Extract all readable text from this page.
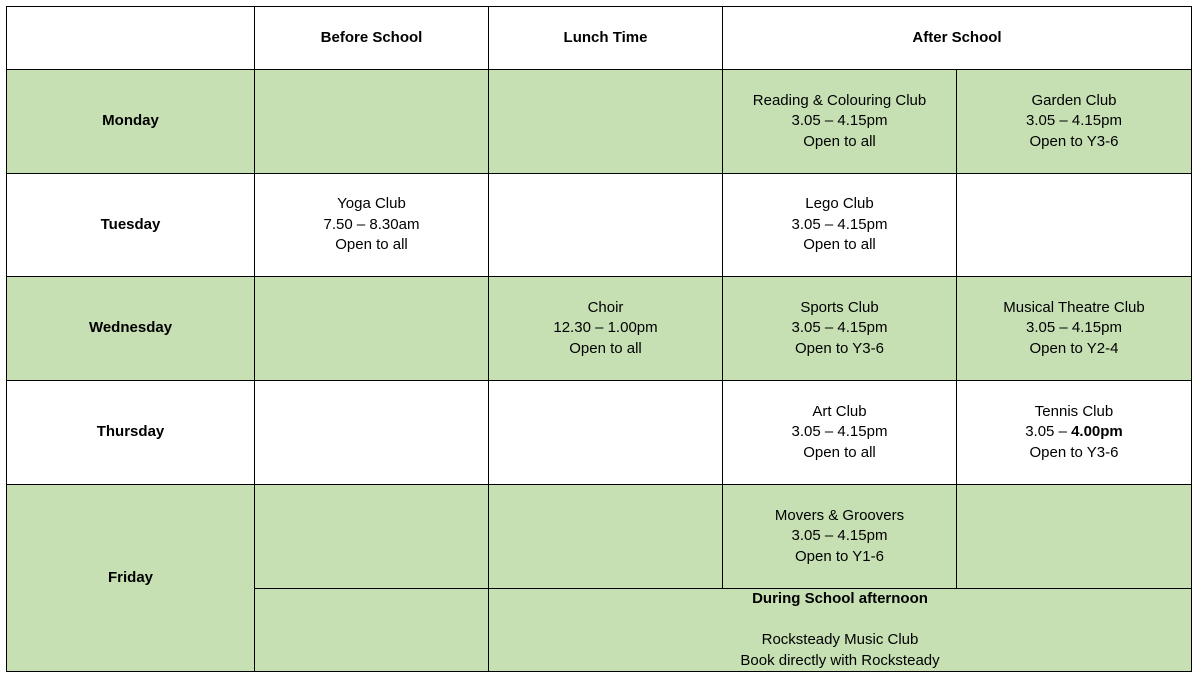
	Before School	Lunch Time	After School	
Monday			Reading & Colouring Club
3.05 – 4.15pm
Open to all	Garden Club
3.05 – 4.15pm
Open to Y3-6

Tuesday	Yoga Club
7.50 – 8.30am
Open to all		Lego Club
3.05 – 4.15pm
Open to all	

Wednesday		Choir
12.30 – 1.00pm
Open to all	Sports Club
3.05 – 4.15pm
Open to Y3-6	Musical Theatre Club
3.05 – 4.15pm
Open to Y2-4

Thursday			Art Club
3.05 – 4.15pm
Open to all	Tennis Club
3.05 – 4.00pm
Open to Y3-6

Friday			Movers & Groovers
3.05 – 4.15pm
Open to Y1-6	

		During School afternoon
Rocksteady Music Club
Book directly with Rocksteady		
